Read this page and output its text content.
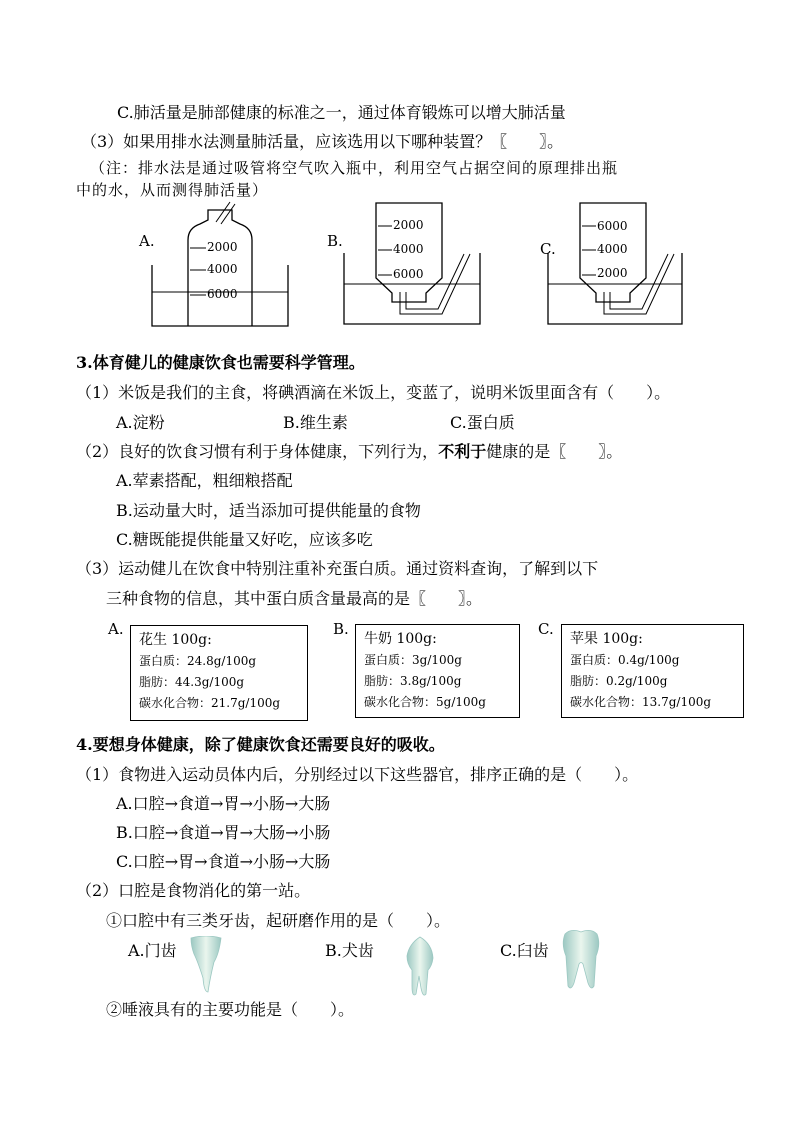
C.肺活量是肺部健康的标准之一，通过体育锻炼可以增大肺活量
（3）如果用排水法测量肺活量，应该选用以下哪种装置？〖　　〗。
（注：排水法是通过吸管将空气吹入瓶中，利用空气占据空间的原理排出瓶
中的水，从而测得肺活量）
A.	2000
4000
6000
B.
2000
4000
6000
C.
6000
4000
2000
3.体育健儿的健康饮食也需要科学管理。
（1）米饭是我们的主食，将碘酒滴在米饭上，变蓝了，说明米饭里面含有（　　）。
A.淀粉	B.维生素	C.蛋白质
（2）良好的饮食习惯有利于身体健康，下列行为，不利于健康的是〖　　〗。
A.荤素搭配，粗细粮搭配
B.运动量大时，适当添加可提供能量的食物
C.糖既能提供能量又好吃，应该多吃
（3）运动健儿在饮食中特别注重补充蛋白质。通过资料查询，了解到以下
三种食物的信息，其中蛋白质含量最高的是〖　　〗。
A.
花生 100g:
蛋白质：24.8g/100g
脂肪：44.3g/100g
碳水化合物：21.7g/100g
B.
牛奶 100g:
蛋白质：3g/100g
脂肪：3.8g/100g
碳水化合物：5g/100g
C.
苹果 100g:
蛋白质：0.4g/100g
脂肪：0.2g/100g
碳水化合物：13.7g/100g
4.要想身体健康，除了健康饮食还需要良好的吸收。
（1）食物进入运动员体内后，分别经过以下这些器官，排序正确的是（　　）。
A.口腔→食道→胃→小肠→大肠
B.口腔→食道→胃→大肠→小肠
C.口腔→胃→食道→小肠→大肠
（2）口腔是食物消化的第一站。
①口腔中有三类牙齿，起研磨作用的是（　　）。
A.门齿	B.犬齿	C.臼齿
②唾液具有的主要功能是（　　）。
